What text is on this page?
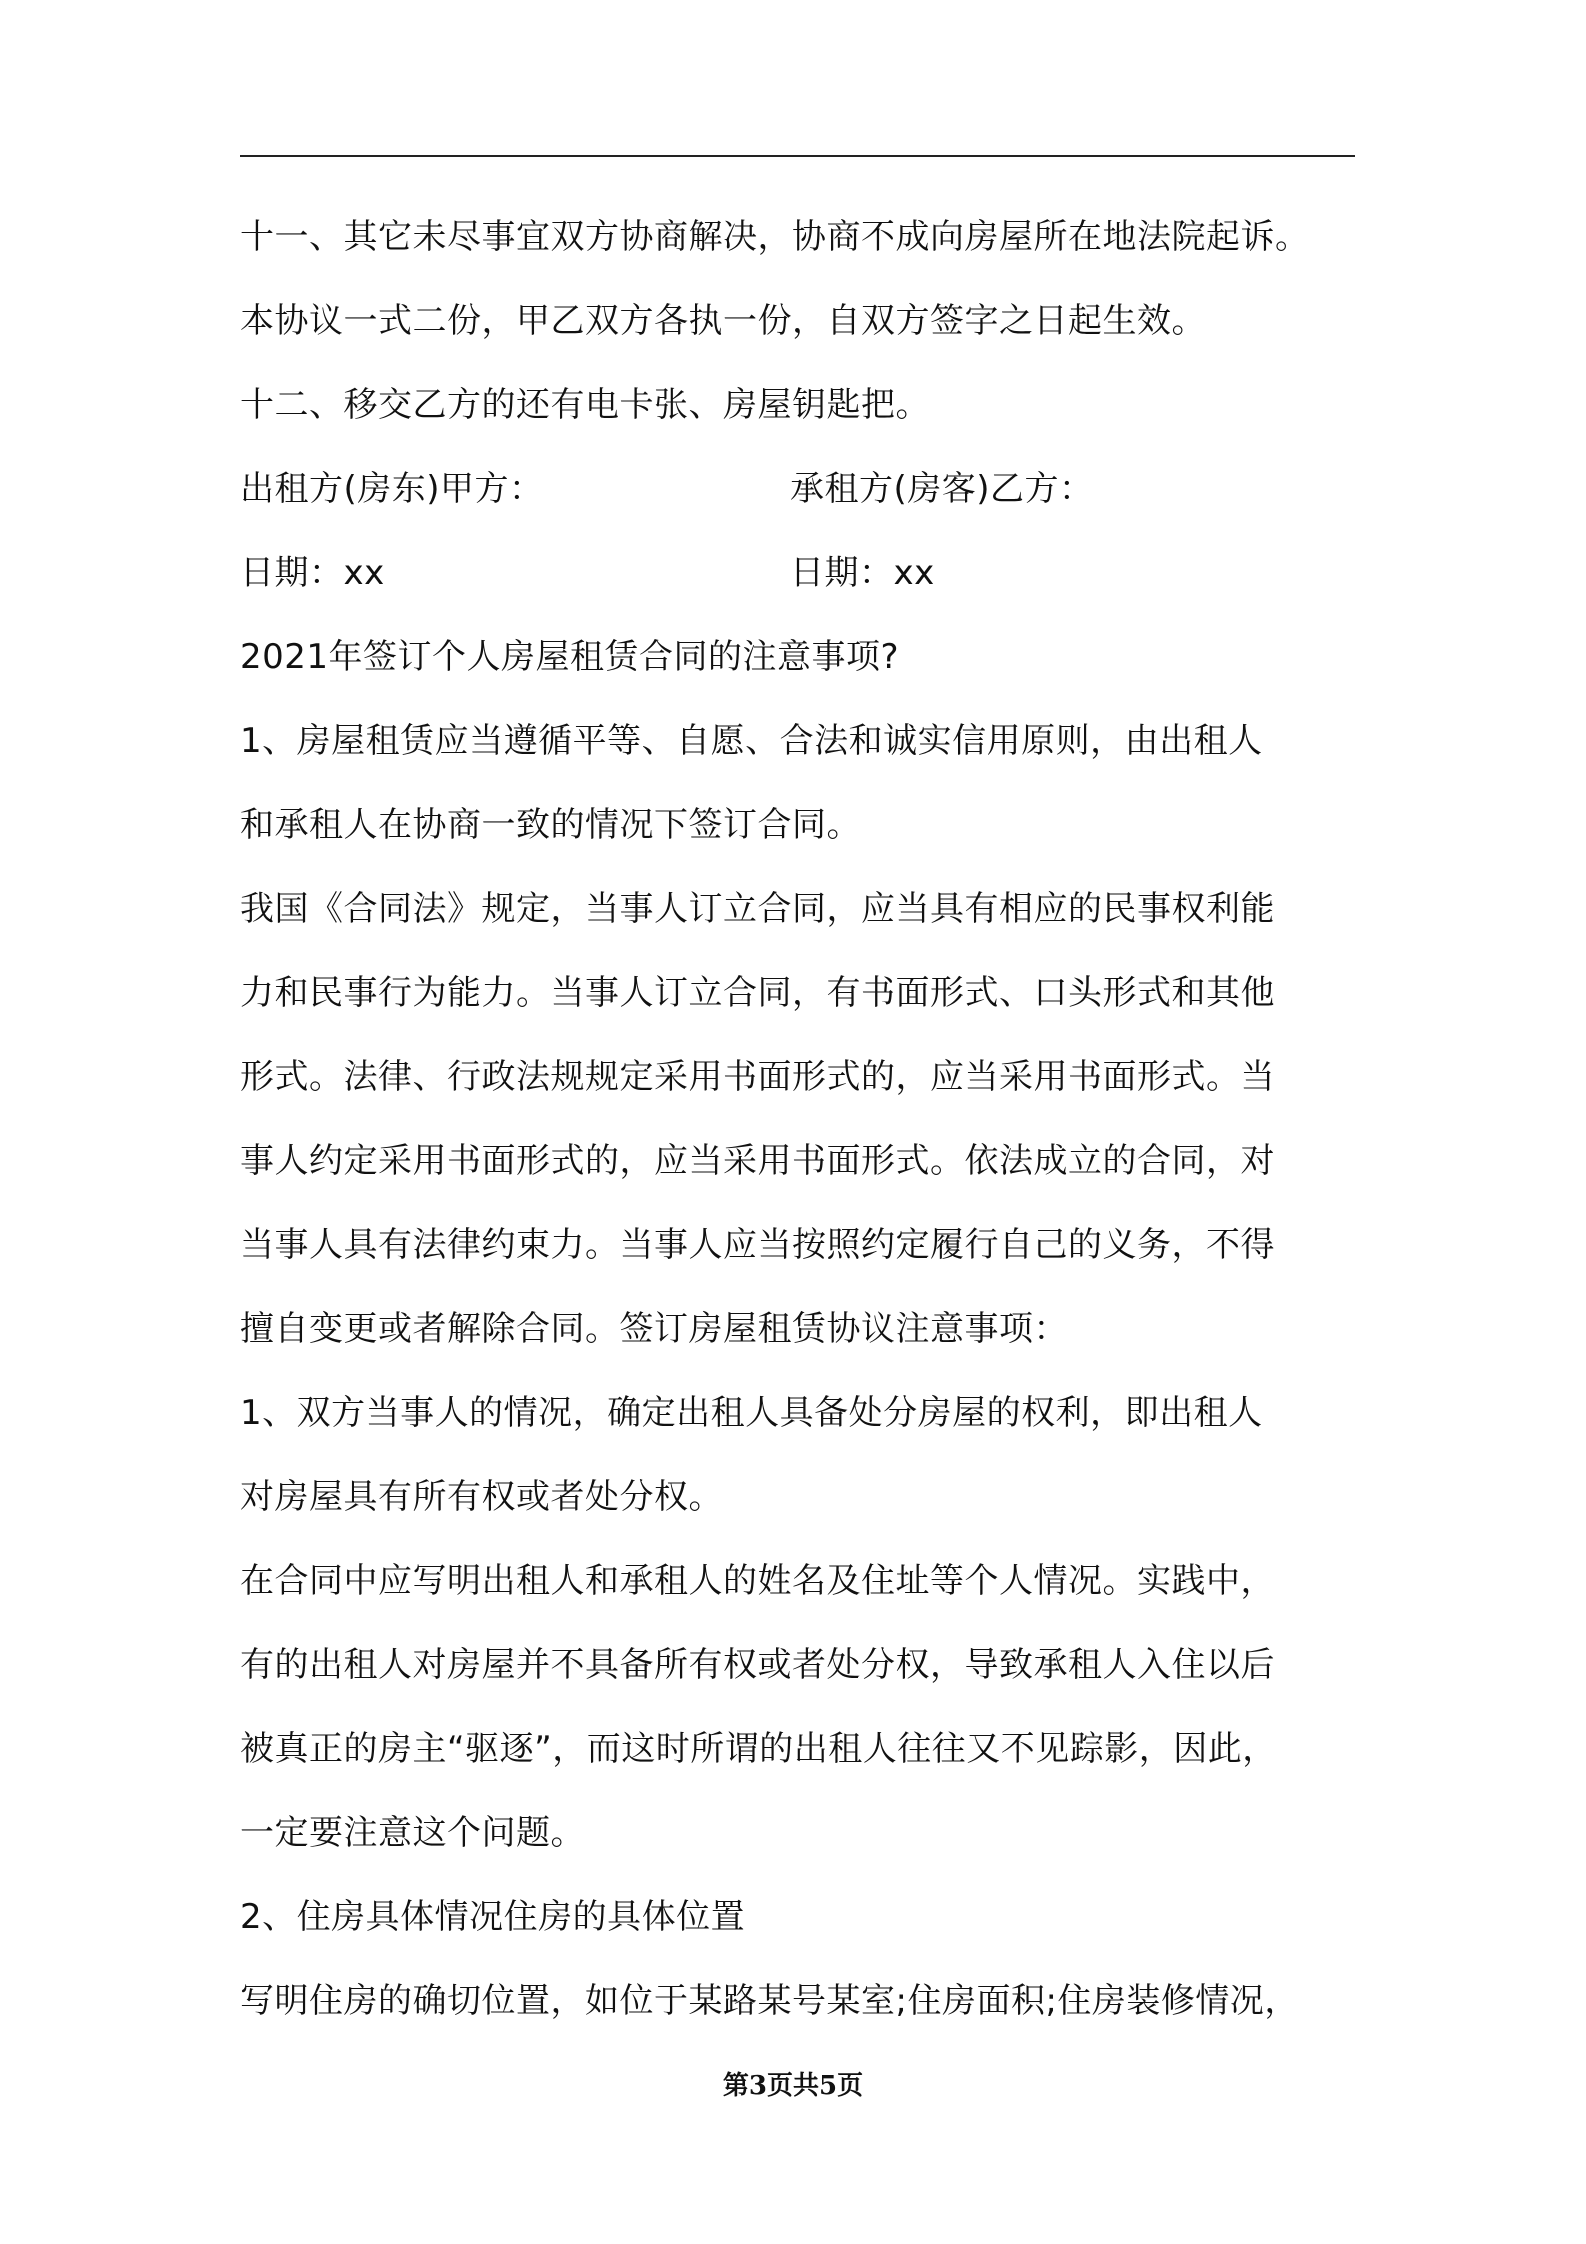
十一、其它未尽事宜双方协商解决，协商不成向房屋所在地法院起诉。
本协议一式二份，甲乙双方各执一份，自双方签字之日起生效。
十二、移交乙方的还有电卡张、房屋钥匙把。
出租方(房东)甲方：	承租方(房客)乙方：
日期：xx	日期：xx
2021年签订个人房屋租赁合同的注意事项?
1、房屋租赁应当遵循平等、自愿、合法和诚实信用原则，由出租人
和承租人在协商一致的情况下签订合同。
我国《合同法》规定，当事人订立合同，应当具有相应的民事权利能
力和民事行为能力。当事人订立合同，有书面形式、口头形式和其他
形式。法律、行政法规规定采用书面形式的，应当采用书面形式。当
事人约定采用书面形式的，应当采用书面形式。依法成立的合同，对
当事人具有法律约束力。当事人应当按照约定履行自己的义务，不得
擅自变更或者解除合同。签订房屋租赁协议注意事项：
1、双方当事人的情况，确定出租人具备处分房屋的权利，即出租人
对房屋具有所有权或者处分权。
在合同中应写明出租人和承租人的姓名及住址等个人情况。实践中，
有的出租人对房屋并不具备所有权或者处分权，导致承租人入住以后
被真正的房主“驱逐”，而这时所谓的出租人往往又不见踪影，因此，
一定要注意这个问题。
2、住房具体情况住房的具体位置
写明住房的确切位置，如位于某路某号某室;住房面积;住房装修情况，
第3页共5页
